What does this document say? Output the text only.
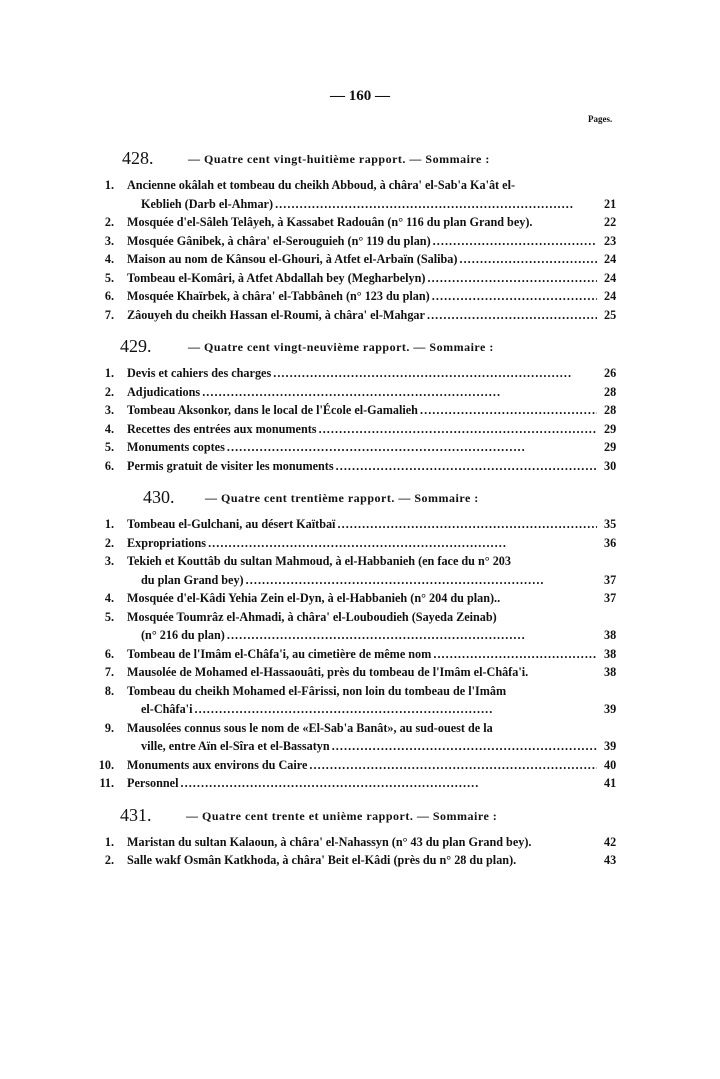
— 160 —
Pages.
428.	— Quatre cent vingt-huitième rapport. — Sommaire :
1. Ancienne okâlah et tombeau du cheikh Abboud, à châra' el-Sab'a Ka'ât el-
Keblieh (Darb el-Ahmar) . . .	21
2. Mosquée d'el-Sâleh Telâyeh, à Kassabet Radouân (n° 116 du plan Grand bey).	22
3. Mosquée Gânibek, à châra' el-Serouguieh (n° 119 du plan) . . .	23
4. Maison au nom de Kânsou el-Ghouri, à Atfet el-Arbaïn (Saliba) . . .	24
5. Tombeau el-Komâri, à Atfet Abdallah bey (Megharbelyn) . . .	24
6. Mosquée Khaïrbek, à châra' el-Tabbâneh (n° 123 du plan) . . .	24
7. Zâouyeh du cheikh Hassan el-Roumi, à châra' el-Mahgar . . .	25
429.	— Quatre cent vingt-neuvième rapport. — Sommaire :
1. Devis et cahiers des charges . . .	26
2. Adjudications . . .	28
3. Tombeau Aksonkor, dans le local de l'École el-Gamalieh . . .	28
4. Recettes des entrées aux monuments . . .	29
5. Monuments coptes . . .	29
6. Permis gratuit de visiter les monuments . . .	30
430.	— Quatre cent trentième rapport. — Sommaire :
1. Tombeau el-Gulchani, au désert Kaïtbaï . . .	35
2. Expropriations . . .	36
3. Tekieh et Kouttâb du sultan Mahmoud, à el-Habbanieh (en face du n° 203
du plan Grand bey) . . .	37
4. Mosquée d'el-Kâdi Yehia Zein el-Dyn, à el-Habbanieh (n° 204 du plan)..	37
5. Mosquée Toumrâz el-Ahmadi, à châra' el-Louboudieh (Sayeda Zeinab)
(n° 216 du plan) . . .	38
6. Tombeau de l'Imâm el-Châfa'i, au cimetière de même nom . . .	38
7. Mausolée de Mohamed el-Hassaouâti, près du tombeau de l'Imâm el-Châfa'i.	38
8. Tombeau du cheikh Mohamed el-Fârissi, non loin du tombeau de l'Imâm
el-Châfa'i . . .	39
9. Mausolées connus sous le nom de «El-Sab'a Banât», au sud-ouest de la
ville, entre Aïn el-Sîra et el-Bassatyn . . .	39
10. Monuments aux environs du Caire . . .	40
11. Personnel . . .	41
431.	— Quatre cent trente et unième rapport. — Sommaire :
1. Maristan du sultan Kalaoun, à châra' el-Nahassyn (n° 43 du plan Grand bey).	42
2. Salle wakf Osmân Katkhoda, à châra' Beit el-Kâdi (près du n° 28 du plan).	43
